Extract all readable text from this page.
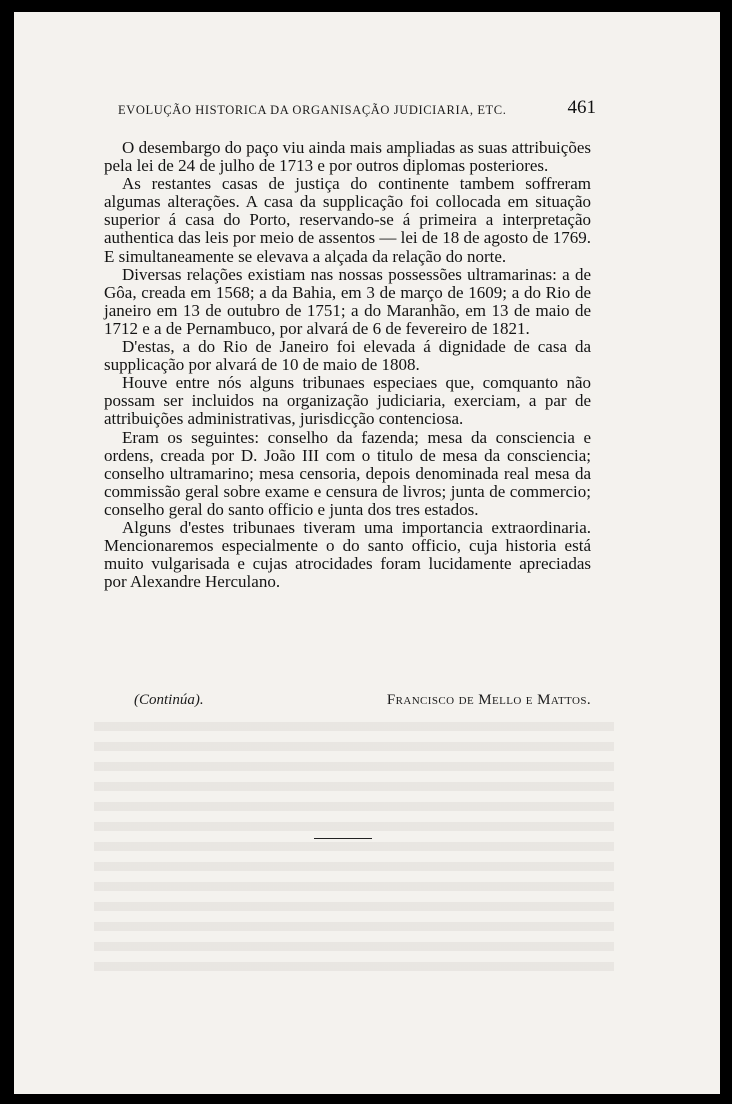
EVOLUÇÃO HISTORICA DA ORGANISAÇÃO JUDICIARIA, ETC.	461

O desembargo do paço viu ainda mais ampliadas as suas attribuições pela lei de 24 de julho de 1713 e por outros diplomas posteriores.

As restantes casas de justiça do continente tambem soffreram algumas alterações. A casa da supplicação foi collocada em situação superior á casa do Porto, reservando-se á primeira a interpretação authentica das leis por meio de assentos — lei de 18 de agosto de 1769. E simultaneamente se elevava a alçada da relação do norte.

Diversas relações existiam nas nossas possessões ultramarinas: a de Gôa, creada em 1568; a da Bahia, em 3 de março de 1609; a do Rio de janeiro em 13 de outubro de 1751; a do Maranhão, em 13 de maio de 1712 e a de Pernambuco, por alvará de 6 de fevereiro de 1821.

D'estas, a do Rio de Janeiro foi elevada á dignidade de casa da supplicação por alvará de 10 de maio de 1808.

Houve entre nós alguns tribunaes especiaes que, comquanto não possam ser incluidos na organização judiciaria, exerciam, a par de attribuições administrativas, jurisdicção contenciosa.

Eram os seguintes: conselho da fazenda; mesa da consciencia e ordens, creada por D. João III com o titulo de mesa da consciencia; conselho ultramarino; mesa censoria, depois denominada real mesa da commissão geral sobre exame e censura de livros; junta de commercio; conselho geral do santo officio e junta dos tres estados.

Alguns d'estes tribunaes tiveram uma importancia extraordinaria. Mencionaremos especialmente o do santo officio, cuja historia está muito vulgarisada e cujas atrocidades foram lucidamente apreciadas por Alexandre Herculano.

(Continúa).	Francisco de Mello e Mattos.
